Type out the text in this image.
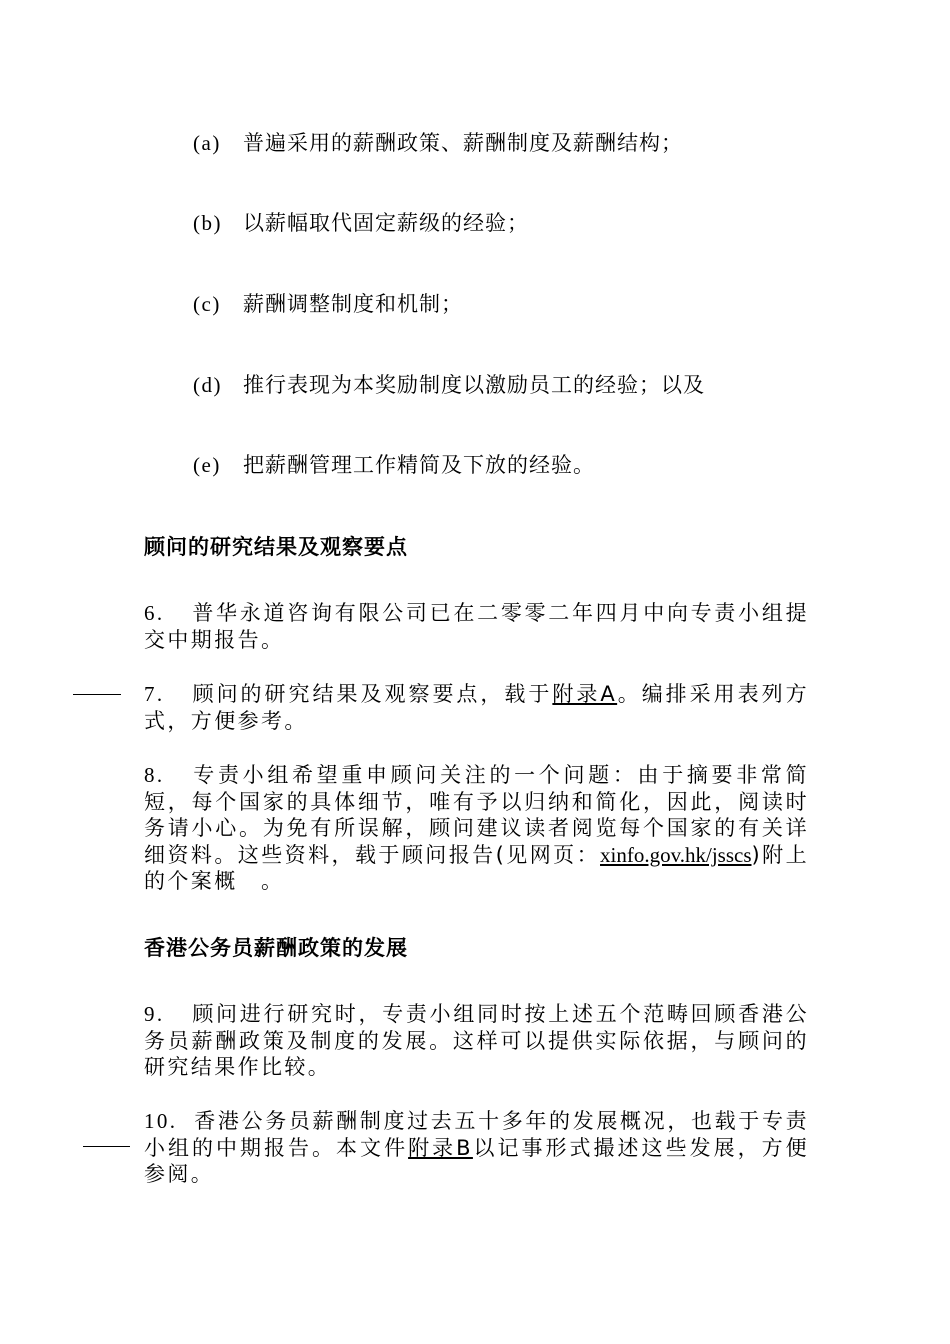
(a) 普遍采用的薪酬政策、薪酬制度及薪酬结构；
(b) 以薪幅取代固定薪级的经验；
(c) 薪酬调整制度和机制；
(d) 推行表现为本奖励制度以激励员工的经验；以及
(e) 把薪酬管理工作精简及下放的经验。
顾问的研究结果及观察要点
6. 普华永道咨询有限公司已在二零零二年四月中向专责小组提交中期报告。
7. 顾问的研究结果及观察要点，载于附录A。编排采用表列方式，方便参考。
8. 专责小组希望重申顾问关注的一个问题：由于摘要非常简短，每个国家的具体细节，唯有予以归纳和简化，因此，阅读时务请小心。为免有所误解，顾问建议读者阅览每个国家的有关详细资料。这些资料，载于顾问报告(见网页：xinfo.gov.hk/jsscs)附上的个案概　。
香港公务员薪酬政策的发展
9. 顾问进行研究时，专责小组同时按上述五个范畴回顾香港公务员薪酬政策及制度的发展。这样可以提供实际依据，与顾问的研究结果作比较。
10. 香港公务员薪酬制度过去五十多年的发展概况，也载于专责小组的中期报告。本文件附录B以记事形式撮述这些发展，方便参阅。
